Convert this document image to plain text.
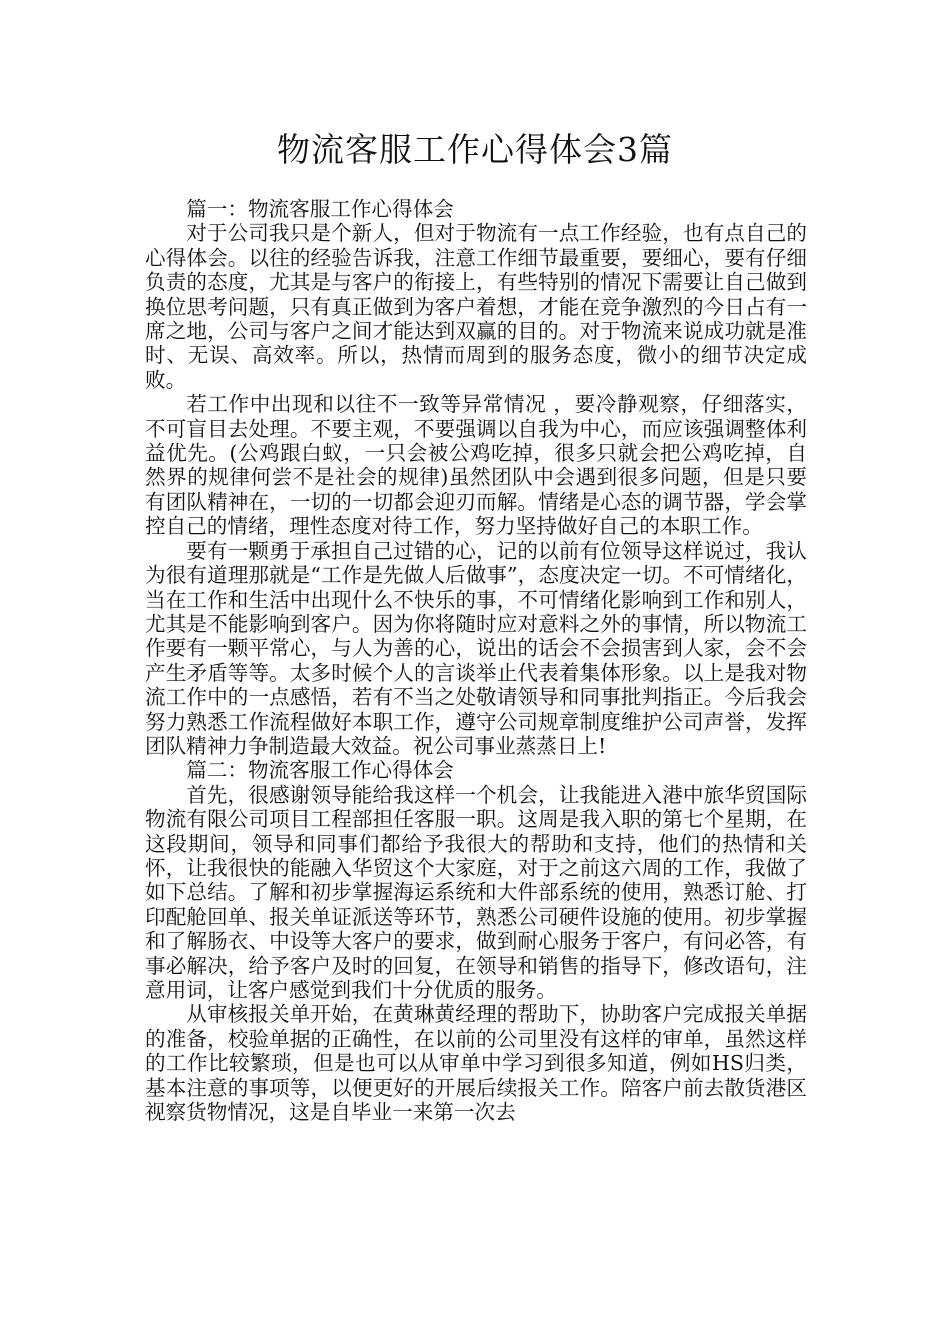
物流客服工作心得体会3篇

篇一：物流客服工作心得体会

对于公司我只是个新人，但对于物流有一点工作经验，也有点自己的心得体会。以往的经验告诉我，注意工作细节最重要，要细心，要有仔细负责的态度，尤其是与客户的衔接上，有些特别的情况下需要让自己做到换位思考问题，只有真正做到为客户着想，才能在竞争激烈的今日占有一席之地，公司与客户之间才能达到双赢的目的。对于物流来说成功就是准时、无误、高效率。所以，热情而周到的服务态度，微小的细节决定成败。

若工作中出现和以往不一致等异常情况 ，要冷静观察，仔细落实，不可盲目去处理。不要主观，不要强调以自我为中心，而应该强调整体利益优先。(公鸡跟白蚁，一只会被公鸡吃掉，很多只就会把公鸡吃掉，自然界的规律何尝不是社会的规律)虽然团队中会遇到很多问题，但是只要有团队精神在，一切的一切都会迎刃而解。情绪是心态的调节器，学会掌控自己的情绪，理性态度对待工作，努力坚持做好自己的本职工作。

要有一颗勇于承担自己过错的心，记的以前有位领导这样说过，我认为很有道理那就是“工作是先做人后做事”，态度决定一切。不可情绪化，当在工作和生活中出现什么不快乐的事，不可情绪化影响到工作和别人，尤其是不能影响到客户。因为你将随时应对意料之外的事情，所以物流工作要有一颗平常心，与人为善的心，说出的话会不会损害到人家，会不会产生矛盾等等。太多时候个人的言谈举止代表着集体形象。以上是我对物流工作中的一点感悟，若有不当之处敬请领导和同事批判指正。今后我会努力熟悉工作流程做好本职工作，遵守公司规章制度维护公司声誉，发挥团队精神力争制造最大效益。祝公司事业蒸蒸日上!

篇二：物流客服工作心得体会

首先，很感谢领导能给我这样一个机会，让我能进入港中旅华贸国际物流有限公司项目工程部担任客服一职。这周是我入职的第七个星期，在这段期间，领导和同事们都给予我很大的帮助和支持，他们的热情和关怀，让我很快的能融入华贸这个大家庭，对于之前这六周的工作，我做了如下总结。了解和初步掌握海运系统和大件部系统的使用，熟悉订舱、打印配舱回单、报关单证派送等环节，熟悉公司硬件设施的使用。初步掌握和了解肠衣、中设等大客户的要求，做到耐心服务于客户，有问必答，有事必解决，给予客户及时的回复，在领导和销售的指导下，修改语句，注意用词，让客户感觉到我们十分优质的服务。

从审核报关单开始，在黄琳黄经理的帮助下，协助客户完成报关单据的准备，校验单据的正确性，在以前的公司里没有这样的审单，虽然这样的工作比较繁琐，但是也可以从审单中学习到很多知道，例如HS归类，基本注意的事项等，以便更好的开展后续报关工作。陪客户前去散货港区视察货物情况，这是自毕业一来第一次去
